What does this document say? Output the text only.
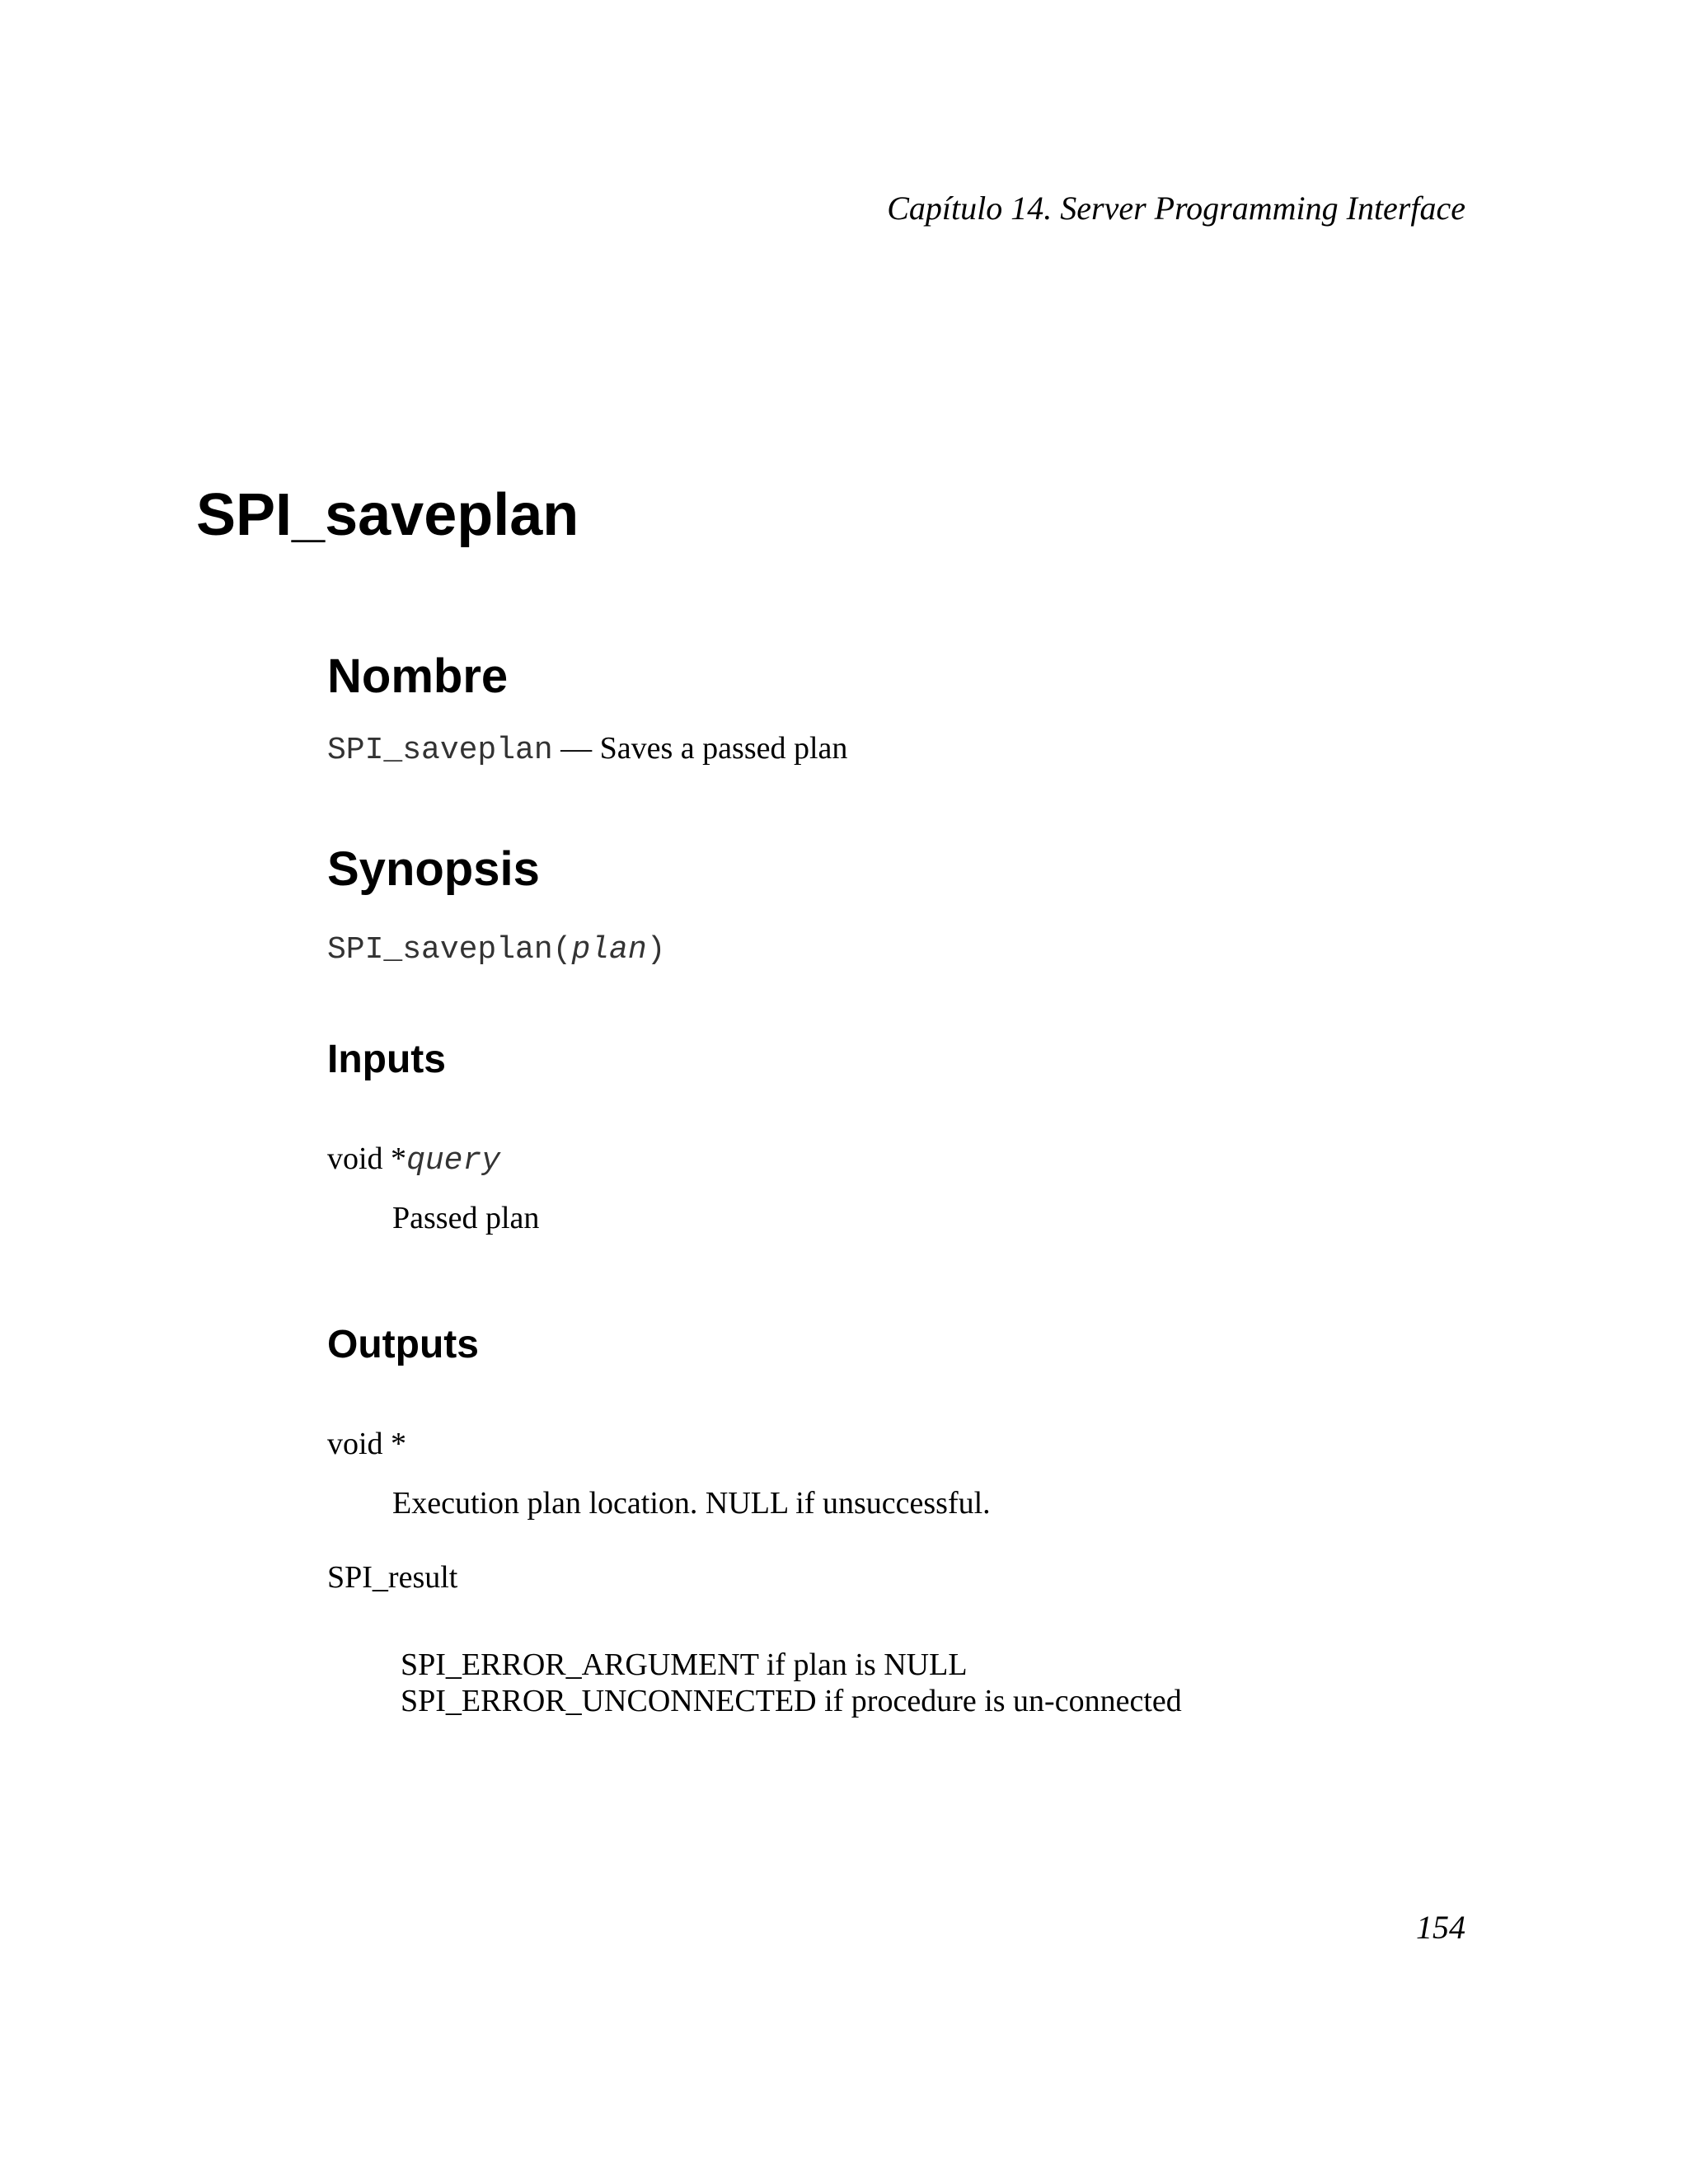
Capítulo 14. Server Programming Interface
SPI_saveplan
Nombre

SPI_saveplan — Saves a passed plan

Synopsis

SPI_saveplan(plan)

Inputs

void *query

Passed plan

Outputs

void *

Execution plan location. NULL if unsuccessful.

SPI_result

SPI_ERROR_ARGUMENT if plan is NULL

SPI_ERROR_UNCONNECTED if procedure is un-connected

154
